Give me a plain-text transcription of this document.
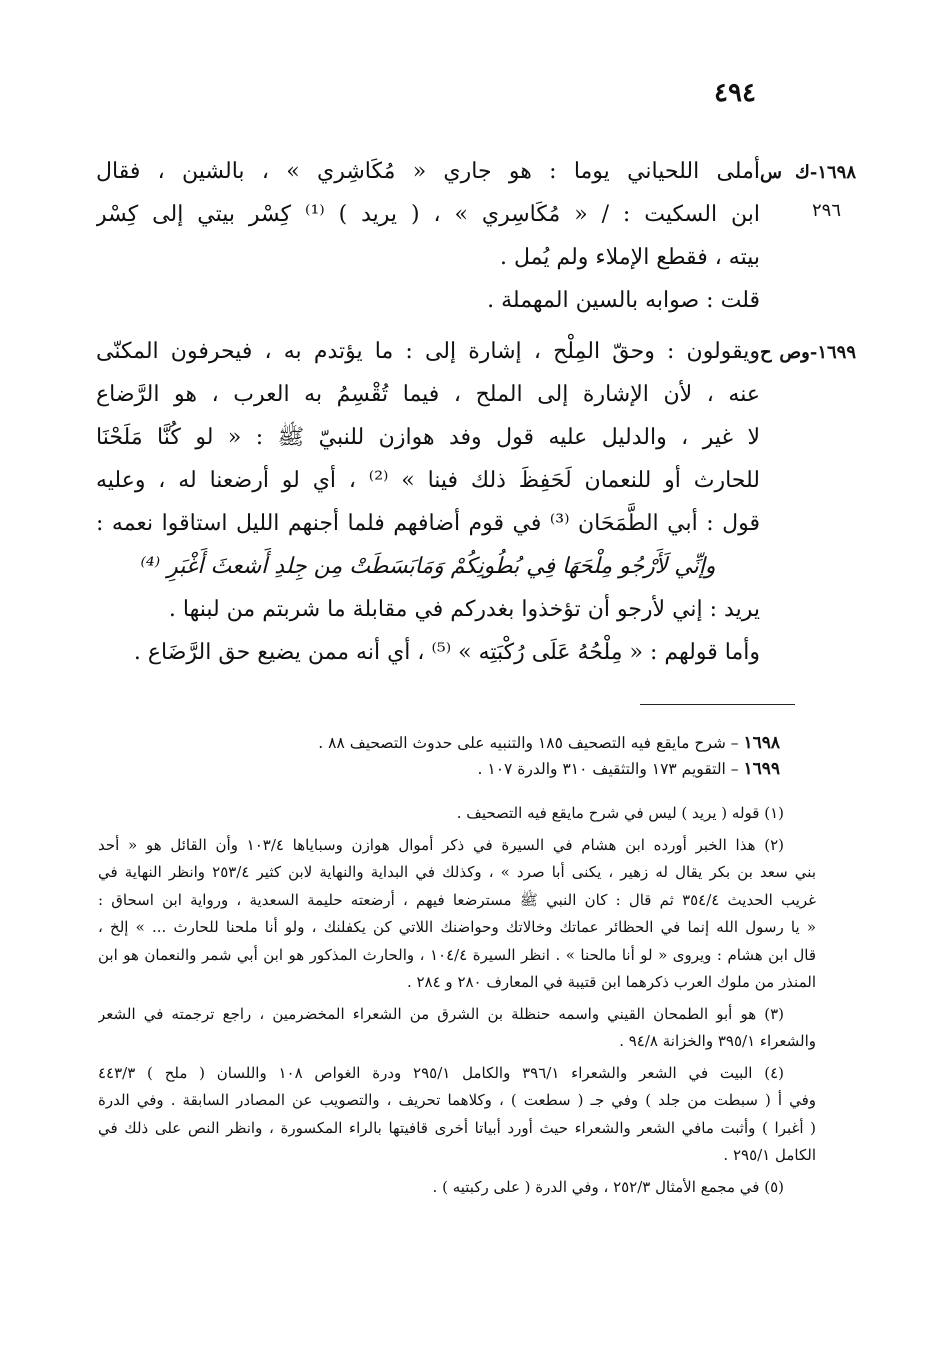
٤٩٤
٢٩٦
١٦٩٨-ك سأملى اللحياني يوما : هو جاري « مُكَاشِري » ، بالشين ، فقال
ابن السكيت : / « مُكَاسِري » ، ( يريد ) ⁽¹⁾ كِسْر بيتي إلى كِسْر
بيته ، فقطع الإملاء ولم يُمل .
قلت : صوابه بالسين المهملة .
١٦٩٩-وص حويقولون : وحقّ المِلْح ، إشارة إلى : ما يؤتدم به ، فيحرفون المكنّى
عنه ، لأن الإشارة إلى الملح ، فيما تُقْسِمُ به العرب ، هو الرَّضاع
لا غير ، والدليل عليه قول وفد هوازن للنبيّ ﷺ : « لو كُنَّا مَلَحْنَا
للحارث أو للنعمان لَحَفِظَ ذلك فينا » ⁽²⁾ ، أي لو أرضعنا له ، وعليه
قول : أبي الطَّمَحَان ⁽³⁾ في قوم أضافهم فلما أجنهم الليل استاقوا نعمه :
وإنِّي لَأَرْجُو مِلْحَهَا فِي بُطُونِكُمْ وَمَابَسَطَتْ مِن جِلدِ أَشعثَ أَغْبَرِ ⁽⁴⁾
يريد : إني لأرجو أن تؤخذوا بغدركم في مقابلة ما شربتم من لبنها .
وأما قولهم : « مِلْحُهُ عَلَى رُكْبَتِه » ⁽⁵⁾ ، أي أنه ممن يضيع حق الرَّضَاع .
١٦٩٨ – شرح مايقع فيه التصحيف ١٨٥ والتنبيه على حدوث التصحيف ٨٨ .
١٦٩٩ – التقويم ١٧٣ والتثقيف ٣١٠ والدرة ١٠٧ .
(١) قوله ( يريد ) ليس في شرح مايقع فيه التصحيف .
(٢) هذا الخبر أورده ابن هشام في السيرة في ذكر أموال هوازن وسباياها ١٠٣/٤ وأن القائل هو « أحد
بني سعد بن بكر يقال له زهير ، يكنى أبا صرد » ، وكذلك في البداية والنهاية لابن كثير ٢٥٣/٤ وانظر النهاية في
غريب الحديث ٣٥٤/٤ ثم قال : كان النبي ﷺ مسترضعا فيهم ، أرضعته حليمة السعدية ، ورواية ابن اسحاق :
« يا رسول الله إنما في الحظائر عماتك وخالاتك وحواضنك اللاتي كن يكفلنك ، ولو أنا ملحنا للحارث ... » إلخ ،
قال ابن هشام : ويروى « لو أنا مالحنا » . انظر السيرة ١٠٤/٤ ، والحارث المذكور هو ابن أبي شمر والنعمان هو ابن
المنذر من ملوك العرب ذكرهما ابن قتيبة في المعارف ٢٨٠ و ٢٨٤ .
(٣) هو أبو الطمحان القيني واسمه حنظلة بن الشرق من الشعراء المخضرمين ، راجع ترجمته في الشعر
والشعراء ٣٩٥/١ والخزانة ٩٤/٨ .
(٤) البيت في الشعر والشعراء ٣٩٦/١ والكامل ٢٩٥/١ ودرة الغواص ١٠٨ واللسان ( ملح ) ٤٤٣/٣
وفي أ ( سبطت من جلد ) وفي جـ ( سطعت ) ، وكلاهما تحريف ، والتصويب عن المصادر السابقة . وفي الدرة
( أغبرا ) وأثبت مافي الشعر والشعراء حيث أورد أبياتا أخرى قافيتها بالراء المكسورة ، وانظر النص على ذلك في
الكامل ٢٩٥/١ .
(٥) في مجمع الأمثال ٢٥٢/٣ ، وفي الدرة ( على ركبتيه ) .
